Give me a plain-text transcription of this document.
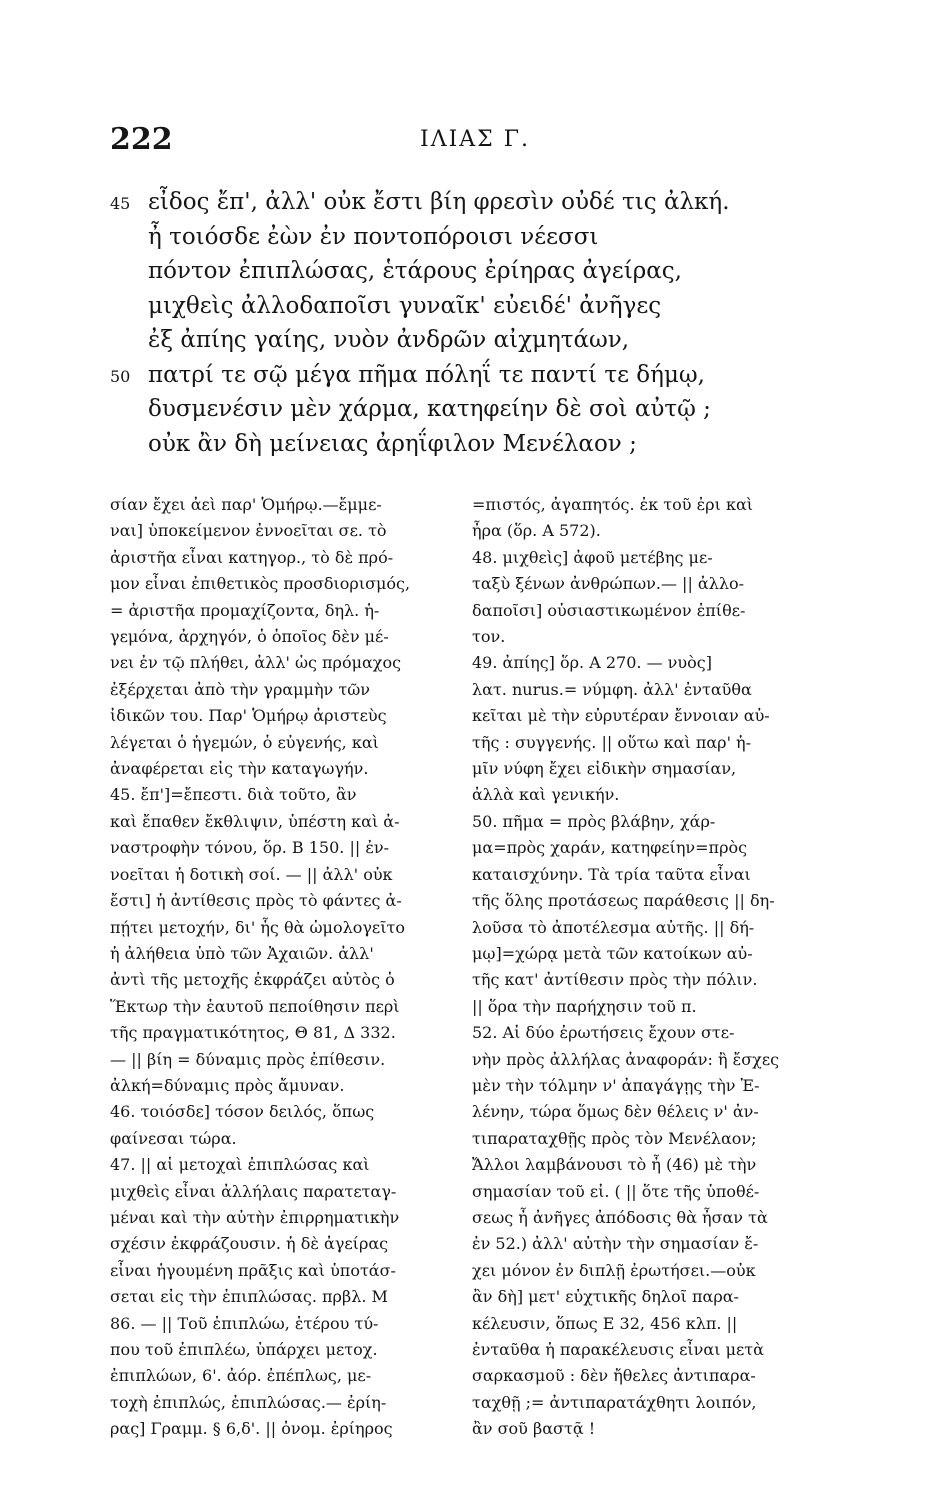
222	ΙΛΙΑΣ Γ.
45 εἶδος ἔπ', ἀλλ' οὐκ ἔστι βίη φρεσὶν οὐδέ τις ἀλκή.
ἦ τοιόσδε ἐὼν ἐν ποντοπόροισι νέεσσι
πόντον ἐπιπλώσας, ἑτάρους ἐρίηρας ἀγείρας,
μιχθεὶς ἀλλοδαποῖσι γυναῖκ' εὐειδέ' ἀνῆγες
ἐξ ἀπίης γαίης, νυὸν ἀνδρῶν αἰχμητάων,
50 πατρί τε σῷ μέγα πῆμα πόληΐ τε παντί τε δήμῳ,
δυσμενέσιν μὲν χάρμα, κατηφείην δὲ σοὶ αὐτῷ ;
οὐκ ἂν δὴ μείνειας ἀρηΐφιλον Μενέλαον ;
σίαν ἔχει ἀεὶ παρ' Ὁμήρῳ.—ἔμμε-
ναι] ὑποκείμενον ἐννοεῖται σε. τὸ
ἀριστῆα εἶναι κατηγορ., τὸ δὲ πρό-
μον εἶναι ἐπιθετικὸς προσδιορισμός,
= ἀριστῆα προμαχίζοντα, δηλ. ἡ-
γεμόνα, ἀρχηγόν, ὁ ὁποῖος δὲν μέ-
νει ἐν τῷ πλήθει, ἀλλ' ὡς πρόμαχος
ἐξέρχεται ἀπὸ τὴν γραμμὴν τῶν
ἰδικῶν του. Παρ' Ὁμήρῳ ἀριστεὺς
λέγεται ὁ ἡγεμών, ὁ εὐγενής, καὶ
ἀναφέρεται εἰς τὴν καταγωγήν.
45. ἔπ']=ἔπεστι. διὰ τοῦτο, ἂν
καὶ ἔπαθεν ἔκθλιψιν, ὑπέστη καὶ ἀ-
ναστροφὴν τόνου, ὅρ. Β 150. || ἐν-
νοεῖται ἡ δοτικὴ σοί. — || ἀλλ' οὐκ
ἔστι] ἡ ἀντίθεσις πρὸς τὸ φάντες ἀ-
πῄτει μετοχήν, δι' ἧς θὰ ὡμολογεῖτο
ἡ ἀλήθεια ὑπὸ τῶν Ἀχαιῶν. ἀλλ'
ἀντὶ τῆς μετοχῆς ἐκφράζει αὐτὸς ὁ
Ἕκτωρ τὴν ἑαυτοῦ πεποίθησιν περὶ
τῆς πραγματικότητος, Θ 81, Δ 332.
— || βίη = δύναμις πρὸς ἐπίθεσιν.
ἀλκή=δύναμις πρὸς ἄμυναν.
46. τοιόσδε] τόσον δειλός, ὅπως
φαίνεσαι τώρα.
47. || αἱ μετοχαὶ ἐπιπλώσας καὶ
μιχθεὶς εἶναι ἀλλήλαις παρατεταγ-
μέναι καὶ τὴν αὐτὴν ἐπιρρηματικὴν
σχέσιν ἐκφράζουσιν. ἡ δὲ ἀγείρας
εἶναι ἡγουμένη πρᾶξις καὶ ὑποτάσ-
σεται εἰς τὴν ἐπιπλώσας. πρβλ. Μ
86. — || Τοῦ ἐπιπλώω, ἑτέρου τύ-
που τοῦ ἐπιπλέω, ὑπάρχει μετοχ.
ἐπιπλώων, 6'. ἀόρ. ἐπέπλως, με-
τοχὴ ἐπιπλώς, ἐπιπλώσας.— ἐρίη-
ρας] Γραμμ. § 6,δ'. || ὀνομ. ἐρίηρος
=πιστός, ἀγαπητός. ἐκ τοῦ ἐρι καὶ
ἦρα (ὅρ. Α 572).
48. μιχθεὶς] ἀφοῦ μετέβης με-
ταξὺ ξένων ἀνθρώπων.— || ἀλλο-
δαποῖσι] οὐσιαστικωμένον ἐπίθε-
τον.
49. ἀπίης] ὅρ. Α 270. — νυὸς]
λατ. nurus.= νύμφη. ἀλλ' ἐνταῦθα
κεῖται μὲ τὴν εὐρυτέραν ἔννοιαν αὐ-
τῆς : συγγενής. || οὕτω καὶ παρ' ἡ-
μῖν νύφη ἔχει εἰδικὴν σημασίαν,
ἀλλὰ καὶ γενικήν.
50. πῆμα = πρὸς βλάβην, χάρ-
μα=πρὸς χαράν, κατηφείην=πρὸς
καταισχύνην. Τὰ τρία ταῦτα εἶναι
τῆς ὅλης προτάσεως παράθεσις || δη-
λοῦσα τὸ ἀποτέλεσμα αὐτῆς. || δή-
μῳ]=χώρᾳ μετὰ τῶν κατοίκων αὐ-
τῆς κατ' ἀντίθεσιν πρὸς τὴν πόλιν.
|| ὅρα τὴν παρήχησιν τοῦ π.
52. Αἱ δύο ἐρωτήσεις ἔχουν στε-
νὴν πρὸς ἀλλήλας ἀναφοράν: ἢ ἔσχες
μὲν τὴν τόλμην ν' ἀπαγάγῃς τὴν Ἑ-
λένην, τώρα ὅμως δὲν θέλεις ν' ἀν-
τιπαραταχθῇς πρὸς τὸν Μενέλαον;
Ἄλλοι λαμβάνουσι τὸ ἦ (46) μὲ τὴν
σημασίαν τοῦ εἰ. ( || ὅτε τῆς ὑποθέ-
σεως ἦ ἀνῆγες ἀπόδοσις θὰ ἦσαν τὰ
ἐν 52.) ἀλλ' αὐτὴν τὴν σημασίαν ἔ-
χει μόνον ἐν διπλῇ ἐρωτήσει.—οὐκ
ἂν δὴ] μετ' εὐχτικῆς δηλοῖ παρα-
κέλευσιν, ὅπως Ε 32, 456 κλπ. ||
ἐνταῦθα ἡ παρακέλευσις εἶναι μετὰ
σαρκασμοῦ : δὲν ἤθελες ἀντιπαρα-
ταχθῇ ;= ἀντιπαρατάχθητι λοιπόν,
ἂν σοῦ βαστᾷ !
